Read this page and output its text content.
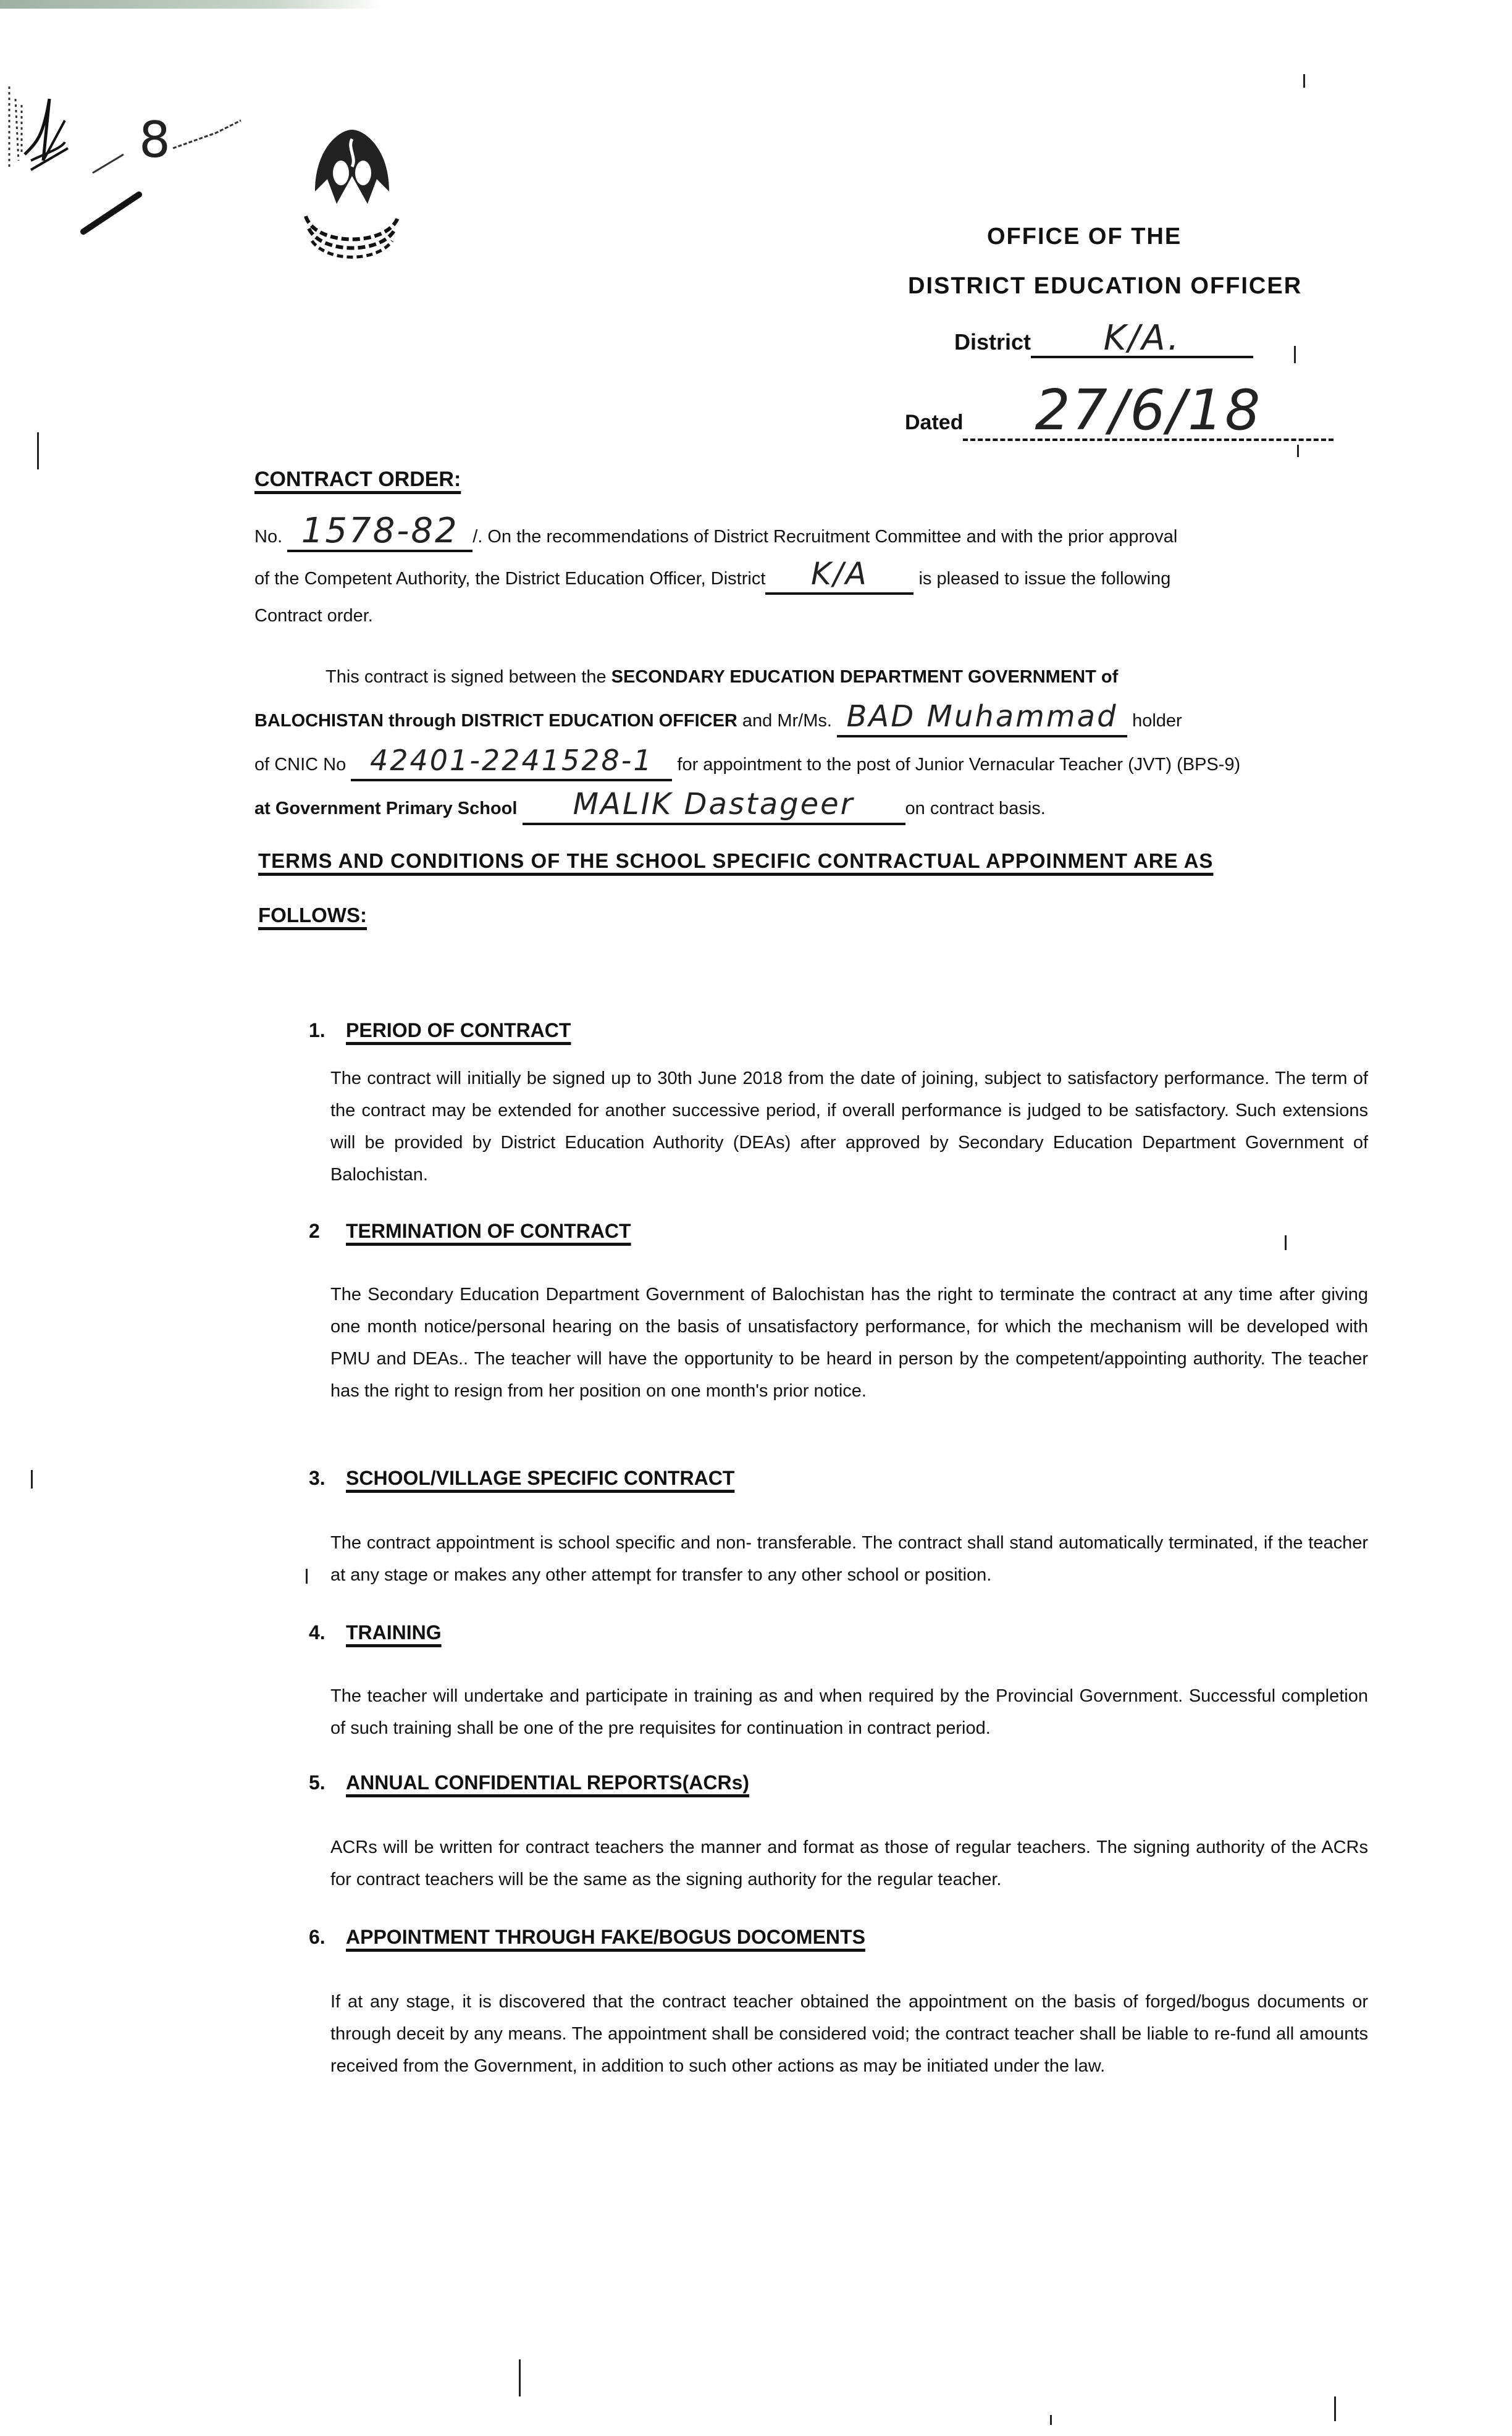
8
OFFICE OF THE
DISTRICT EDUCATION OFFICER
District K/A.
Dated 27/6/18
CONTRACT ORDER:
No. 1578-82 /. On the recommendations of District Recruitment Committee and with the prior approval
of the Competent Authority, the District Education Officer, District K/A	is pleased to issue the following
Contract order.
This contract is signed between the SECONDARY EDUCATION DEPARTMENT GOVERNMENT of
BALOCHISTAN through DISTRICT EDUCATION OFFICER and Mr/Ms. BAD Muhammad holder
of CNIC No 42401-2241528-1 for appointment to the post of Junior Vernacular Teacher (JVT) (BPS-9)
at Government Primary School MALIK Dastageer	on contract basis.
TERMS AND CONDITIONS OF THE SCHOOL SPECIFIC CONTRACTUAL APPOINMENT ARE AS
FOLLOWS:
1. PERIOD OF CONTRACT
The contract will initially be signed up to 30th June 2018 from the date of joining, subject to satisfactory performance. The term of the contract may be extended for another successive period, if overall performance is judged to be satisfactory. Such extensions will be provided by District Education Authority (DEAs) after approved by Secondary Education Department Government of Balochistan.
2 TERMINATION OF CONTRACT
The Secondary Education Department Government of Balochistan has the right to terminate the contract at any time after giving one month notice/personal hearing on the basis of unsatisfactory performance, for which the mechanism will be developed with PMU and DEAs.. The teacher will have the opportunity to be heard in person by the competent/appointing authority. The teacher has the right to resign from her position on one month's prior notice.
3. SCHOOL/VILLAGE SPECIFIC CONTRACT
The contract appointment is school specific and non- transferable. The contract shall stand automatically terminated, if the teacher at any stage or makes any other attempt for transfer to any other school or position.
4. TRAINING
The teacher will undertake and participate in training as and when required by the Provincial Government. Successful completion of such training shall be one of the pre requisites for continuation in contract period.
5. ANNUAL CONFIDENTIAL REPORTS(ACRs)
ACRs will be written for contract teachers the manner and format as those of regular teachers. The signing authority of the ACRs for contract teachers will be the same as the signing authority for the regular teacher.
6. APPOINTMENT THROUGH FAKE/BOGUS DOCOMENTS
If at any stage, it is discovered that the contract teacher obtained the appointment on the basis of forged/bogus documents or through deceit by any means. The appointment shall be considered void; the contract teacher shall be liable to re-fund all amounts received from the Government, in addition to such other actions as may be initiated under the law.
